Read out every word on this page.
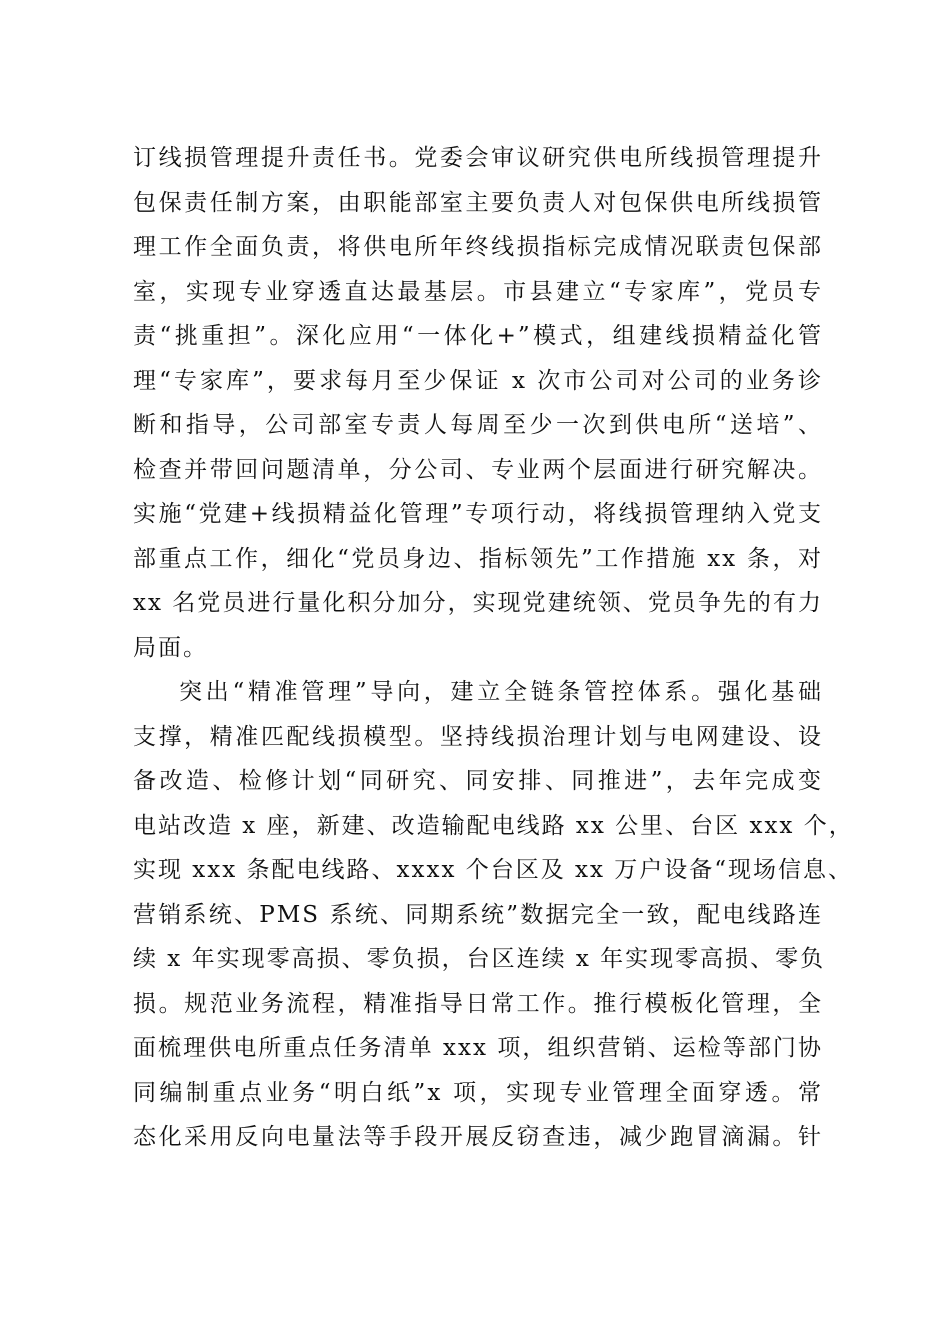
订线损管理提升责任书。党委会审议研究供电所线损管理提升
包保责任制方案，由职能部室主要负责人对包保供电所线损管
理工作全面负责，将供电所年终线损指标完成情况联责包保部
室，实现专业穿透直达最基层。市县建立“专家库”，党员专
责“挑重担”。深化应用“一体化+”模式，组建线损精益化管
理“专家库”，要求每月至少保证 x 次市公司对公司的业务诊
断和指导，公司部室专责人每周至少一次到供电所“送培”、
检查并带回问题清单，分公司、专业两个层面进行研究解决。
实施“党建+线损精益化管理”专项行动，将线损管理纳入党支
部重点工作，细化“党员身边、指标领先”工作措施 xx 条，对
xx 名党员进行量化积分加分，实现党建统领、党员争先的有力
局面。
突出“精准管理”导向，建立全链条管控体系。强化基础
支撑，精准匹配线损模型。坚持线损治理计划与电网建设、设
备改造、检修计划“同研究、同安排、同推进”，去年完成变
电站改造 x 座，新建、改造输配电线路 xx 公里、台区 xxx 个，
实现 xxx 条配电线路、xxxx 个台区及 xx 万户设备“现场信息、
营销系统、PMS 系统、同期系统”数据完全一致，配电线路连
续 x 年实现零高损、零负损，台区连续 x 年实现零高损、零负
损。规范业务流程，精准指导日常工作。推行模板化管理，全
面梳理供电所重点任务清单 xxx 项，组织营销、运检等部门协
同编制重点业务“明白纸”x 项，实现专业管理全面穿透。常
态化采用反向电量法等手段开展反窃查违，减少跑冒滴漏。针
